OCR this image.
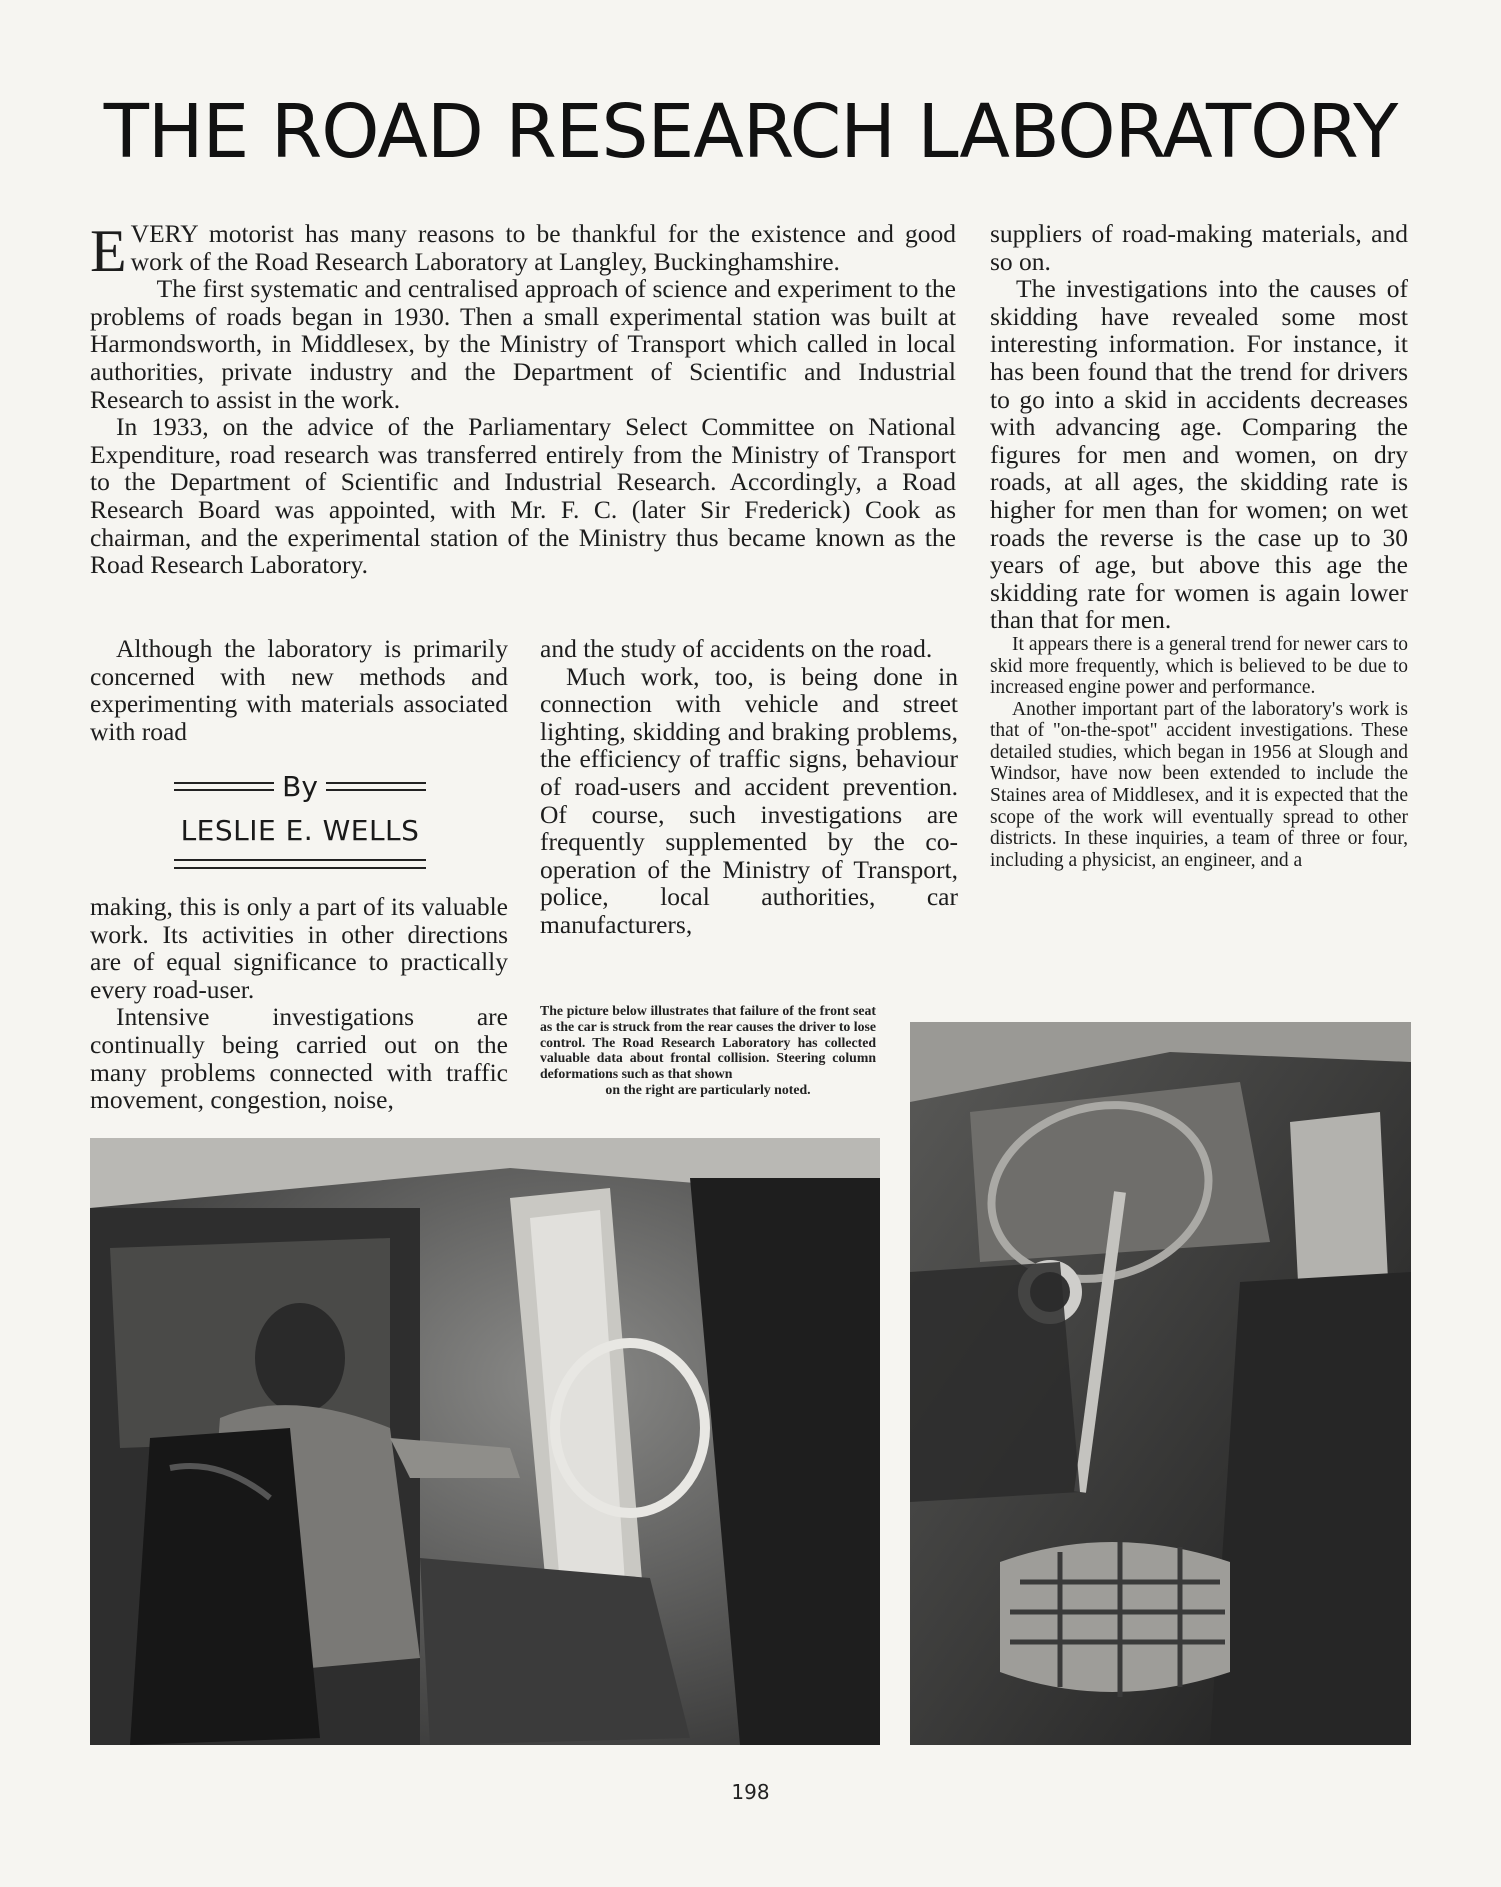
THE ROAD RESEARCH LABORATORY

EVERY motorist has many reasons to be thankful for the existence and good work of the Road Research Laboratory at Langley, Buckinghamshire.

The first systematic and centralised approach of science and experiment to the problems of roads began in 1930. Then a small experimental station was built at Harmondsworth, in Middlesex, by the Ministry of Transport which called in local authorities, private industry and the Department of Scientific and Industrial Research to assist in the work.

In 1933, on the advice of the Parliamentary Select Committee on National Expenditure, road research was transferred entirely from the Ministry of Transport to the Department of Scientific and Industrial Research. Accordingly, a Road Research Board was appointed, with Mr. F. C. (later Sir Frederick) Cook as chairman, and the experimental station of the Ministry thus became known as the Road Research Laboratory.

Although the laboratory is primarily concerned with new methods and experimenting with materials associated with road

By
LESLIE E. WELLS

making, this is only a part of its valuable work. Its activities in other directions are of equal significance to practically every road-user.

Intensive investigations are continually being carried out on the many problems connected with traffic movement, congestion, noise,

and the study of accidents on the road.

Much work, too, is being done in connection with vehicle and street lighting, skidding and braking problems, the efficiency of traffic signs, behaviour of road-users and accident prevention. Of course, such investigations are frequently supplemented by the co-operation of the Ministry of Transport, police, local authorities, car manufacturers,

suppliers of road-making materials, and so on.

The investigations into the causes of skidding have revealed some most interesting information. For instance, it has been found that the trend for drivers to go into a skid in accidents decreases with advancing age. Comparing the figures for men and women, on dry roads, at all ages, the skidding rate is higher for men than for women; on wet roads the reverse is the case up to 30 years of age, but above this age the skidding rate for women is again lower than that for men.

It appears there is a general trend for newer cars to skid more frequently, which is believed to be due to increased engine power and performance.

Another important part of the laboratory's work is that of "on-the-spot" accident investigations. These detailed studies, which began in 1956 at Slough and Windsor, have now been extended to include the Staines area of Middlesex, and it is expected that the scope of the work will eventually spread to other districts. In these inquiries, a team of three or four, including a physicist, an engineer, and a

The picture below illustrates that failure of the front seat as the car is struck from the rear causes the driver to lose control. The Road Research Laboratory has collected valuable data about frontal collision. Steering column deformations such as that shown
on the right are particularly noted.
198
